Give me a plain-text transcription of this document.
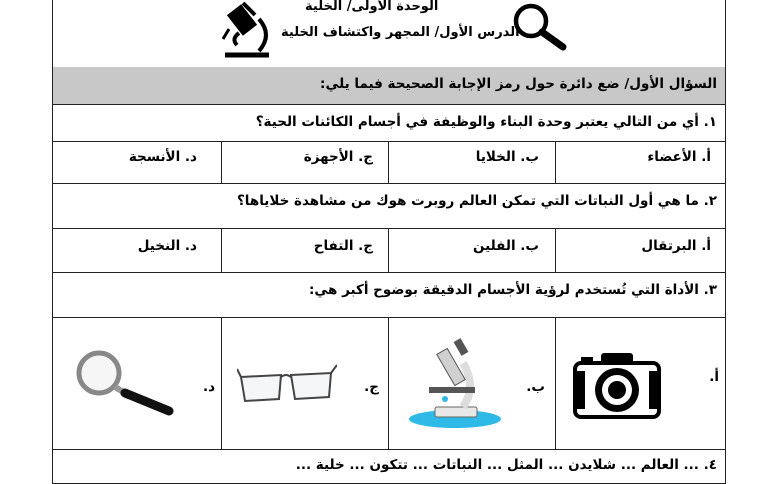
الوحدة الأولى/ الخلية
الدرس الأول/ المجهر واكتشاف الخلية
السؤال الأول/ ضع دائرة حول رمز الإجابة الصحيحة فيما يلي:
١. أي من التالي يعتبر وحدة البناء والوظيفة في أجسام الكائنات الحية؟
أ. الأعضاء
ب. الخلايا
ج. الأجهزة
د. الأنسجة
٢. ما هي أول النباتات التي تمكن العالم روبرت هوك من مشاهدة خلاياها؟
أ. البرتقال
ب. الفلين
ج. التفاح
د. النخيل
٣. الأداة التي تُستخدم لرؤية الأجسام الدقيقة بوضوح أكبر هي:
أ.
ب.
ج.
د.
٤. ... العالم ... شلايدن ... المثل ... النباتات ... تتكون ... خلية ...
